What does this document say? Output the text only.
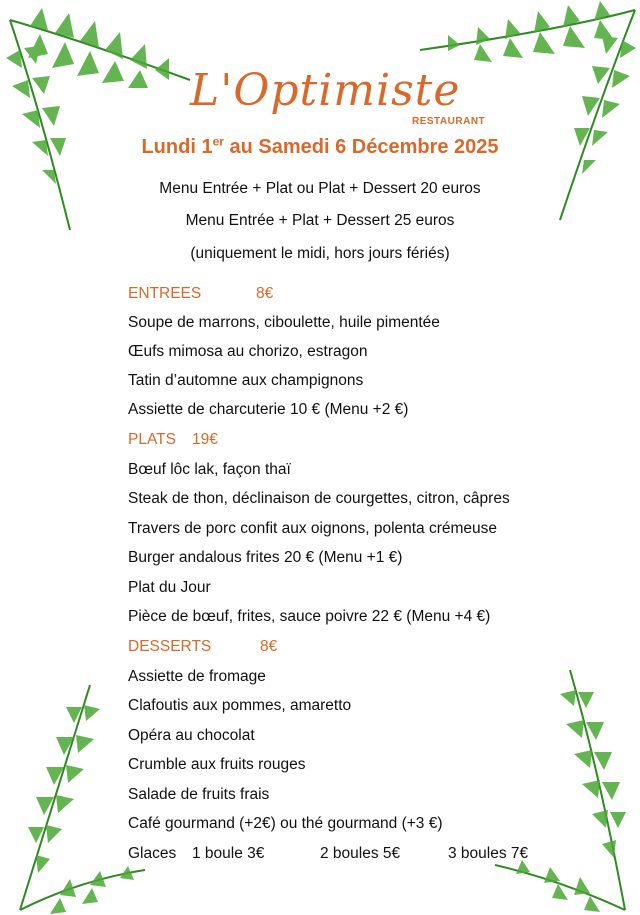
L'Optimiste
RESTAURANT
Lundi 1er au Samedi 6 Décembre 2025
Menu Entrée + Plat ou Plat + Dessert 20 euros
Menu Entrée + Plat + Dessert 25 euros
(uniquement le midi, hors jours fériés)
ENTREES	8€
Soupe de marrons, ciboulette, huile pimentée
Œufs mimosa au chorizo, estragon
Tatin d’automne aux champignons
Assiette de charcuterie 10 € (Menu +2 €)
PLATS 19€
Bœuf lôc lak, façon thaï
Steak de thon, déclinaison de courgettes, citron, câpres
Travers de porc confit aux oignons, polenta crémeuse
Burger andalous frites 20 € (Menu +1 €)
Plat du Jour
Pièce de bœuf, frites, sauce poivre 22 € (Menu +4 €)
DESSERTS	8€
Assiette de fromage
Clafoutis aux pommes, amaretto
Opéra au chocolat
Crumble aux fruits rouges
Salade de fruits frais
Café gourmand (+2€) ou thé gourmand (+3 €)
Glaces 1 boule 3€	2 boules 5€	3 boules 7€
